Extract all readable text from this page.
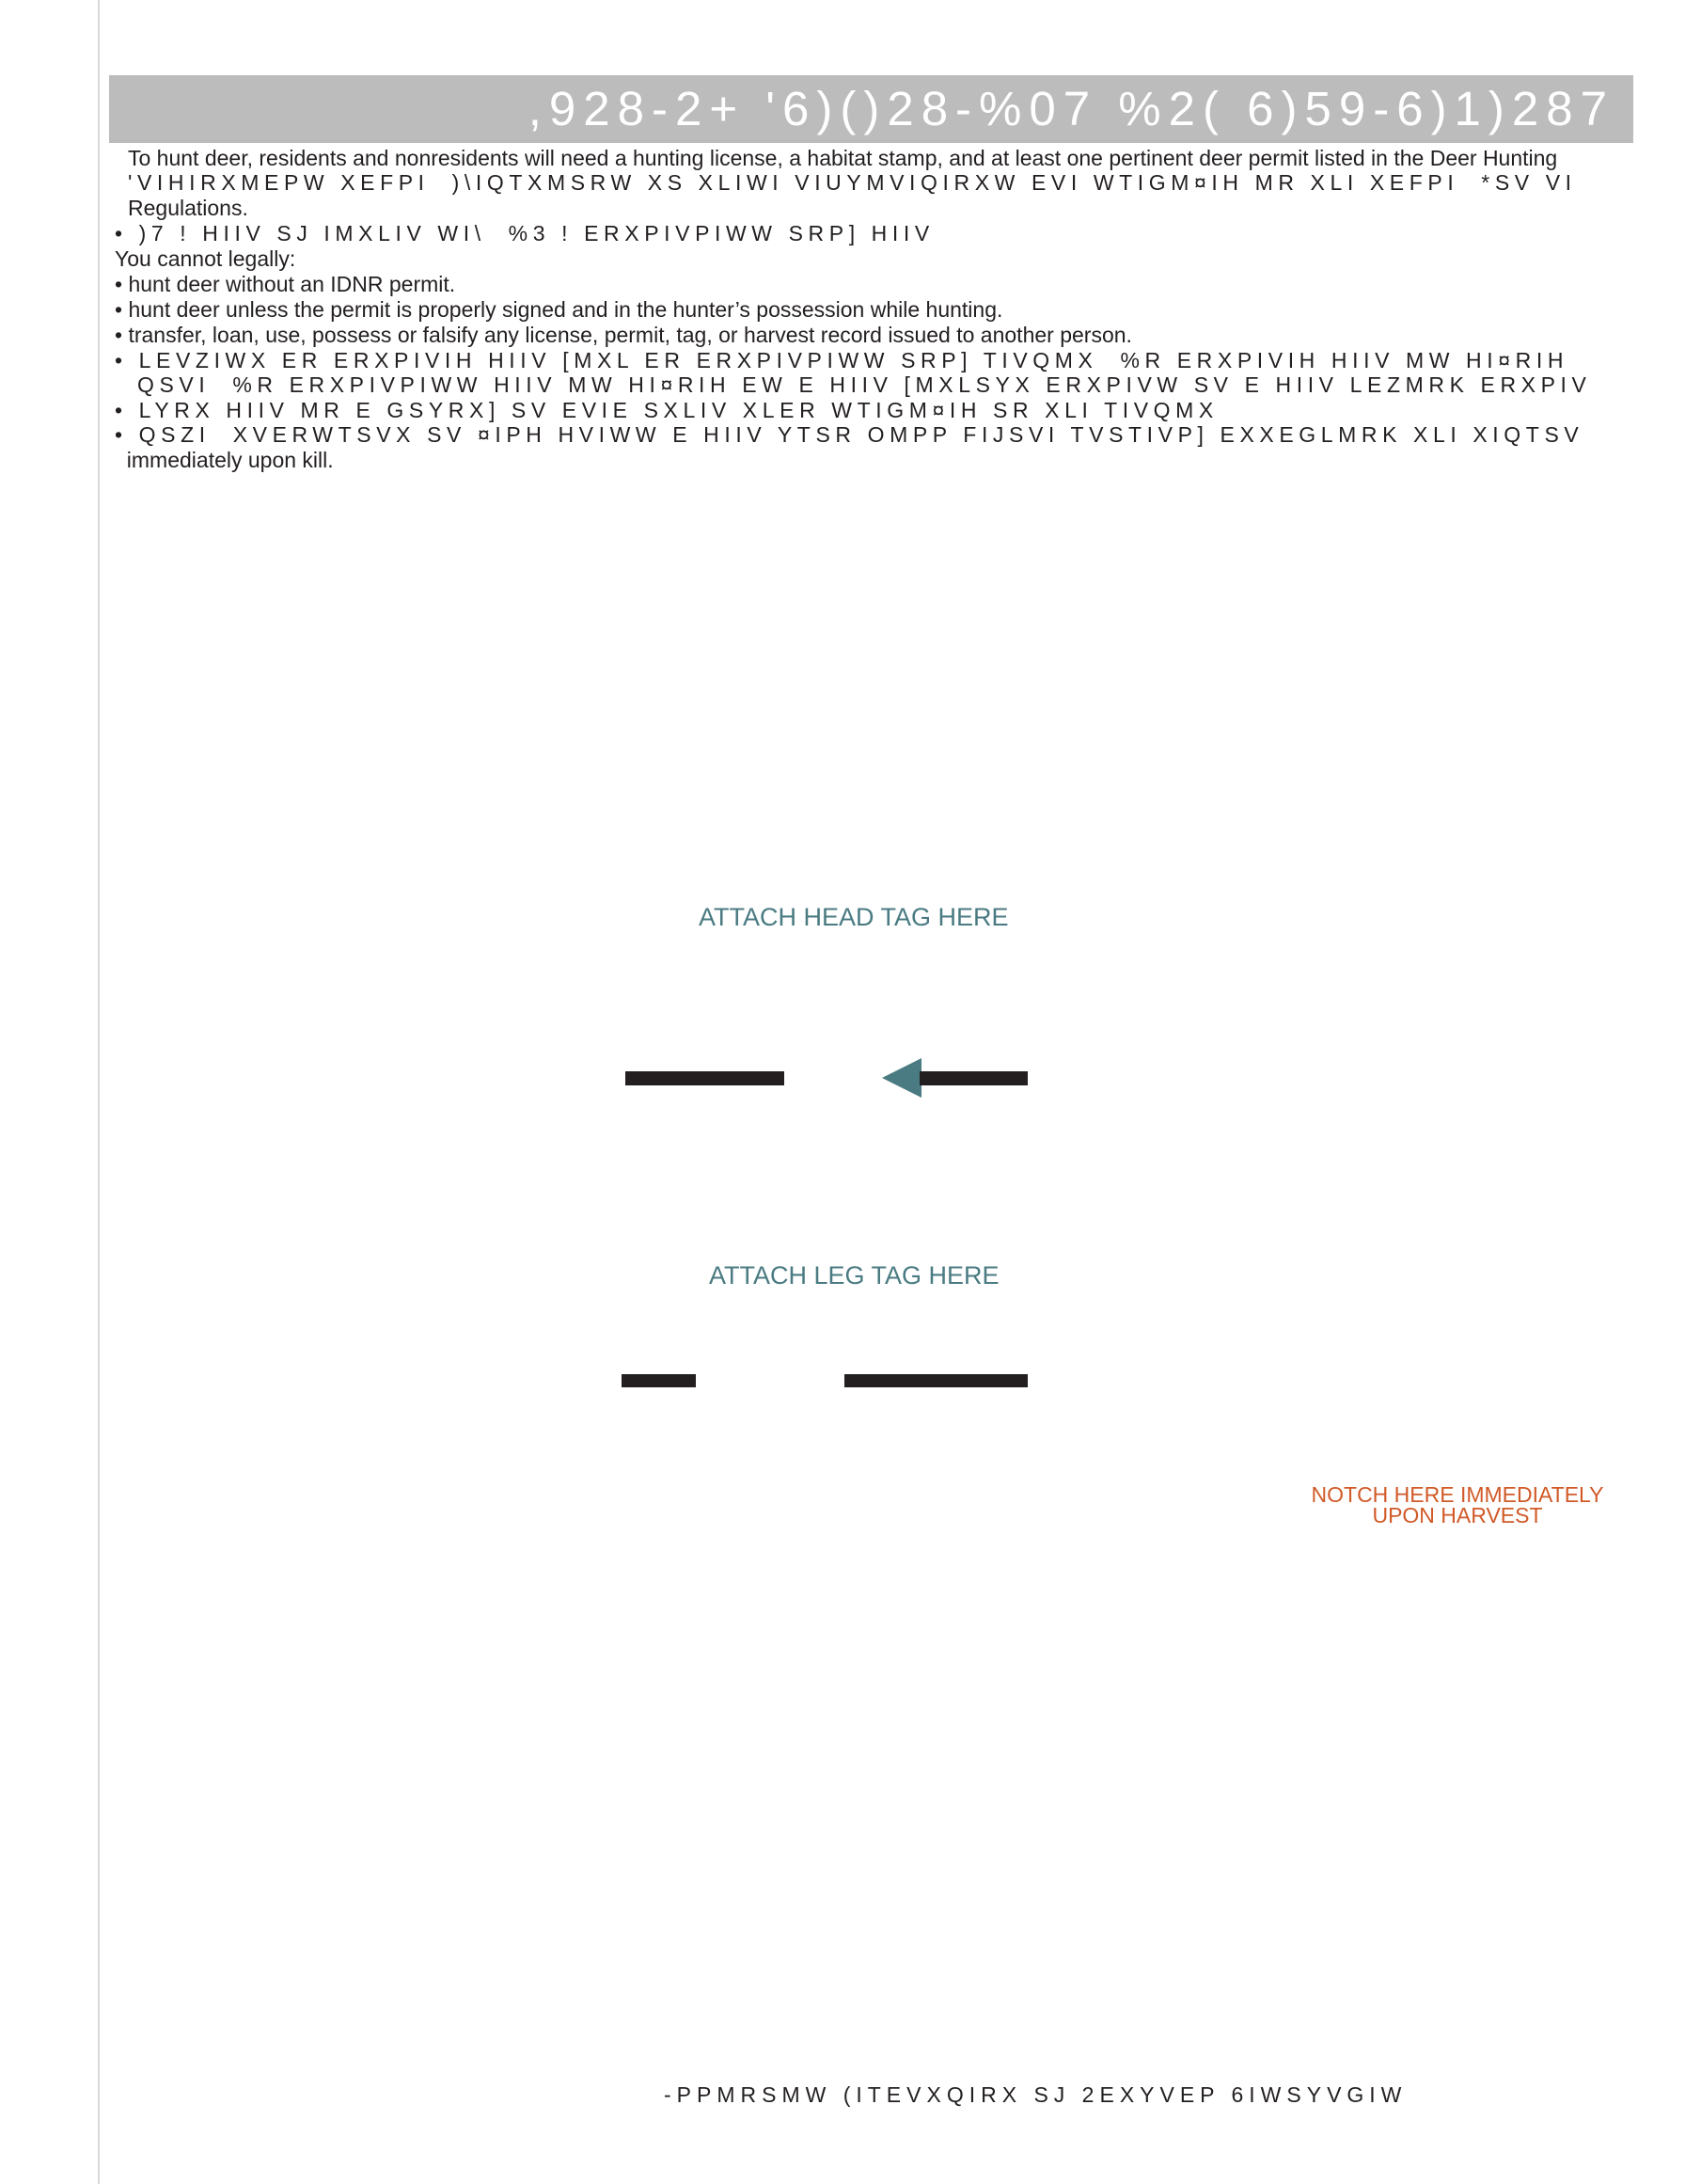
,928-2+ '6)()28-%07 %2( 6)59-6)1)287
To hunt deer, residents and nonresidents will need a hunting license, a habitat stamp, and at least one pertinent deer permit listed in the Deer Hunting
'VIHIRXMEPW XEFPI  )\IQTXMSRW XS XLIWI VIUYMVIQIRXW EVI WTIGM¤IH MR XLI XEFPI  *SV VI
Regulations.
• )7 ! HIIV SJ IMXLIV WI\  %3 ! ERXPIVPIWW SRP] HIIV
You cannot legally:
• hunt deer without an IDNR permit.
• hunt deer unless the permit is properly signed and in the hunter’s possession while hunting.
• transfer, loan, use, possess or falsify any license, permit, tag, or harvest record issued to another person.
• LEVZIWX ER ERXPIVIH HIIV [MXL ER ERXPIVPIWW SRP] TIVQMX  %R ERXPIVIH HIIV MW HI¤RIH
QSVI  %R ERXPIVPIWW HIIV MW HI¤RIH EW E HIIV [MXLSYX ERXPIVW SV E HIIV LEZMRK ERXPIV
• LYRX HIIV MR E GSYRX] SV EVIE SXLIV XLER WTIGM¤IH SR XLI TIVQMX
• QSZI  XVERWTSVX SV ¤IPH HVIWW E HIIV YTSR OMPP FIJSVI TVSTIVP] EXXEGLMRK XLI XIQTSV
immediately upon kill.
ATTACH HEAD TAG HERE
ATTACH LEG TAG HERE
NOTCH HERE IMMEDIATELY
UPON HARVEST
-PPMRSMW (ITEVXQIRX SJ 2EXYVEP 6IWSYVGIW
